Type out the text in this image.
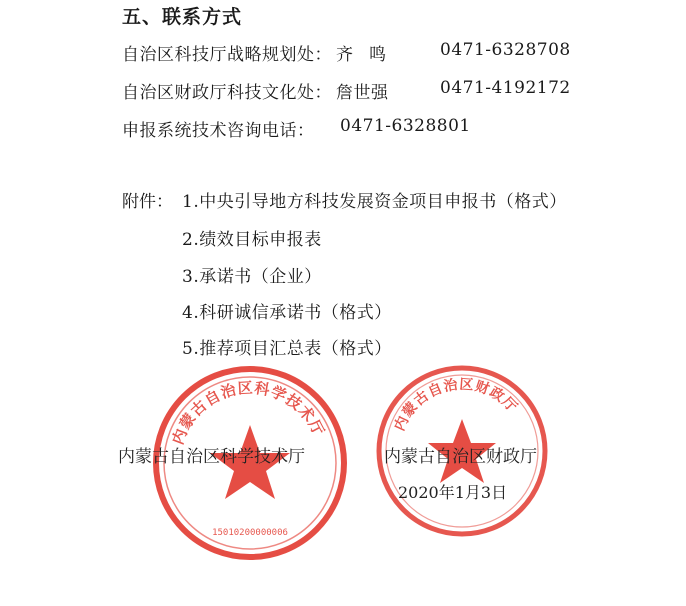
五、联系方式
自治区科技厅战略规划处： 齐鸣 0471-6328708
自治区财政厅科技文化处： 詹世强	0471-4192172
申报系统技术咨询电话： 0471-6328801
附件： 1.中央引导地方科技发展资金项目申报书（格式）
2.绩效目标申报表
3.承诺书（企业）
4.科研诚信承诺书（格式）
5.推荐项目汇总表（格式）
内蒙古自治区科学技术厅
15010200000006
内蒙古自治区财政厅
内蒙古自治区科学技术厅	内蒙古自治区财政厅
2020年1月3日
